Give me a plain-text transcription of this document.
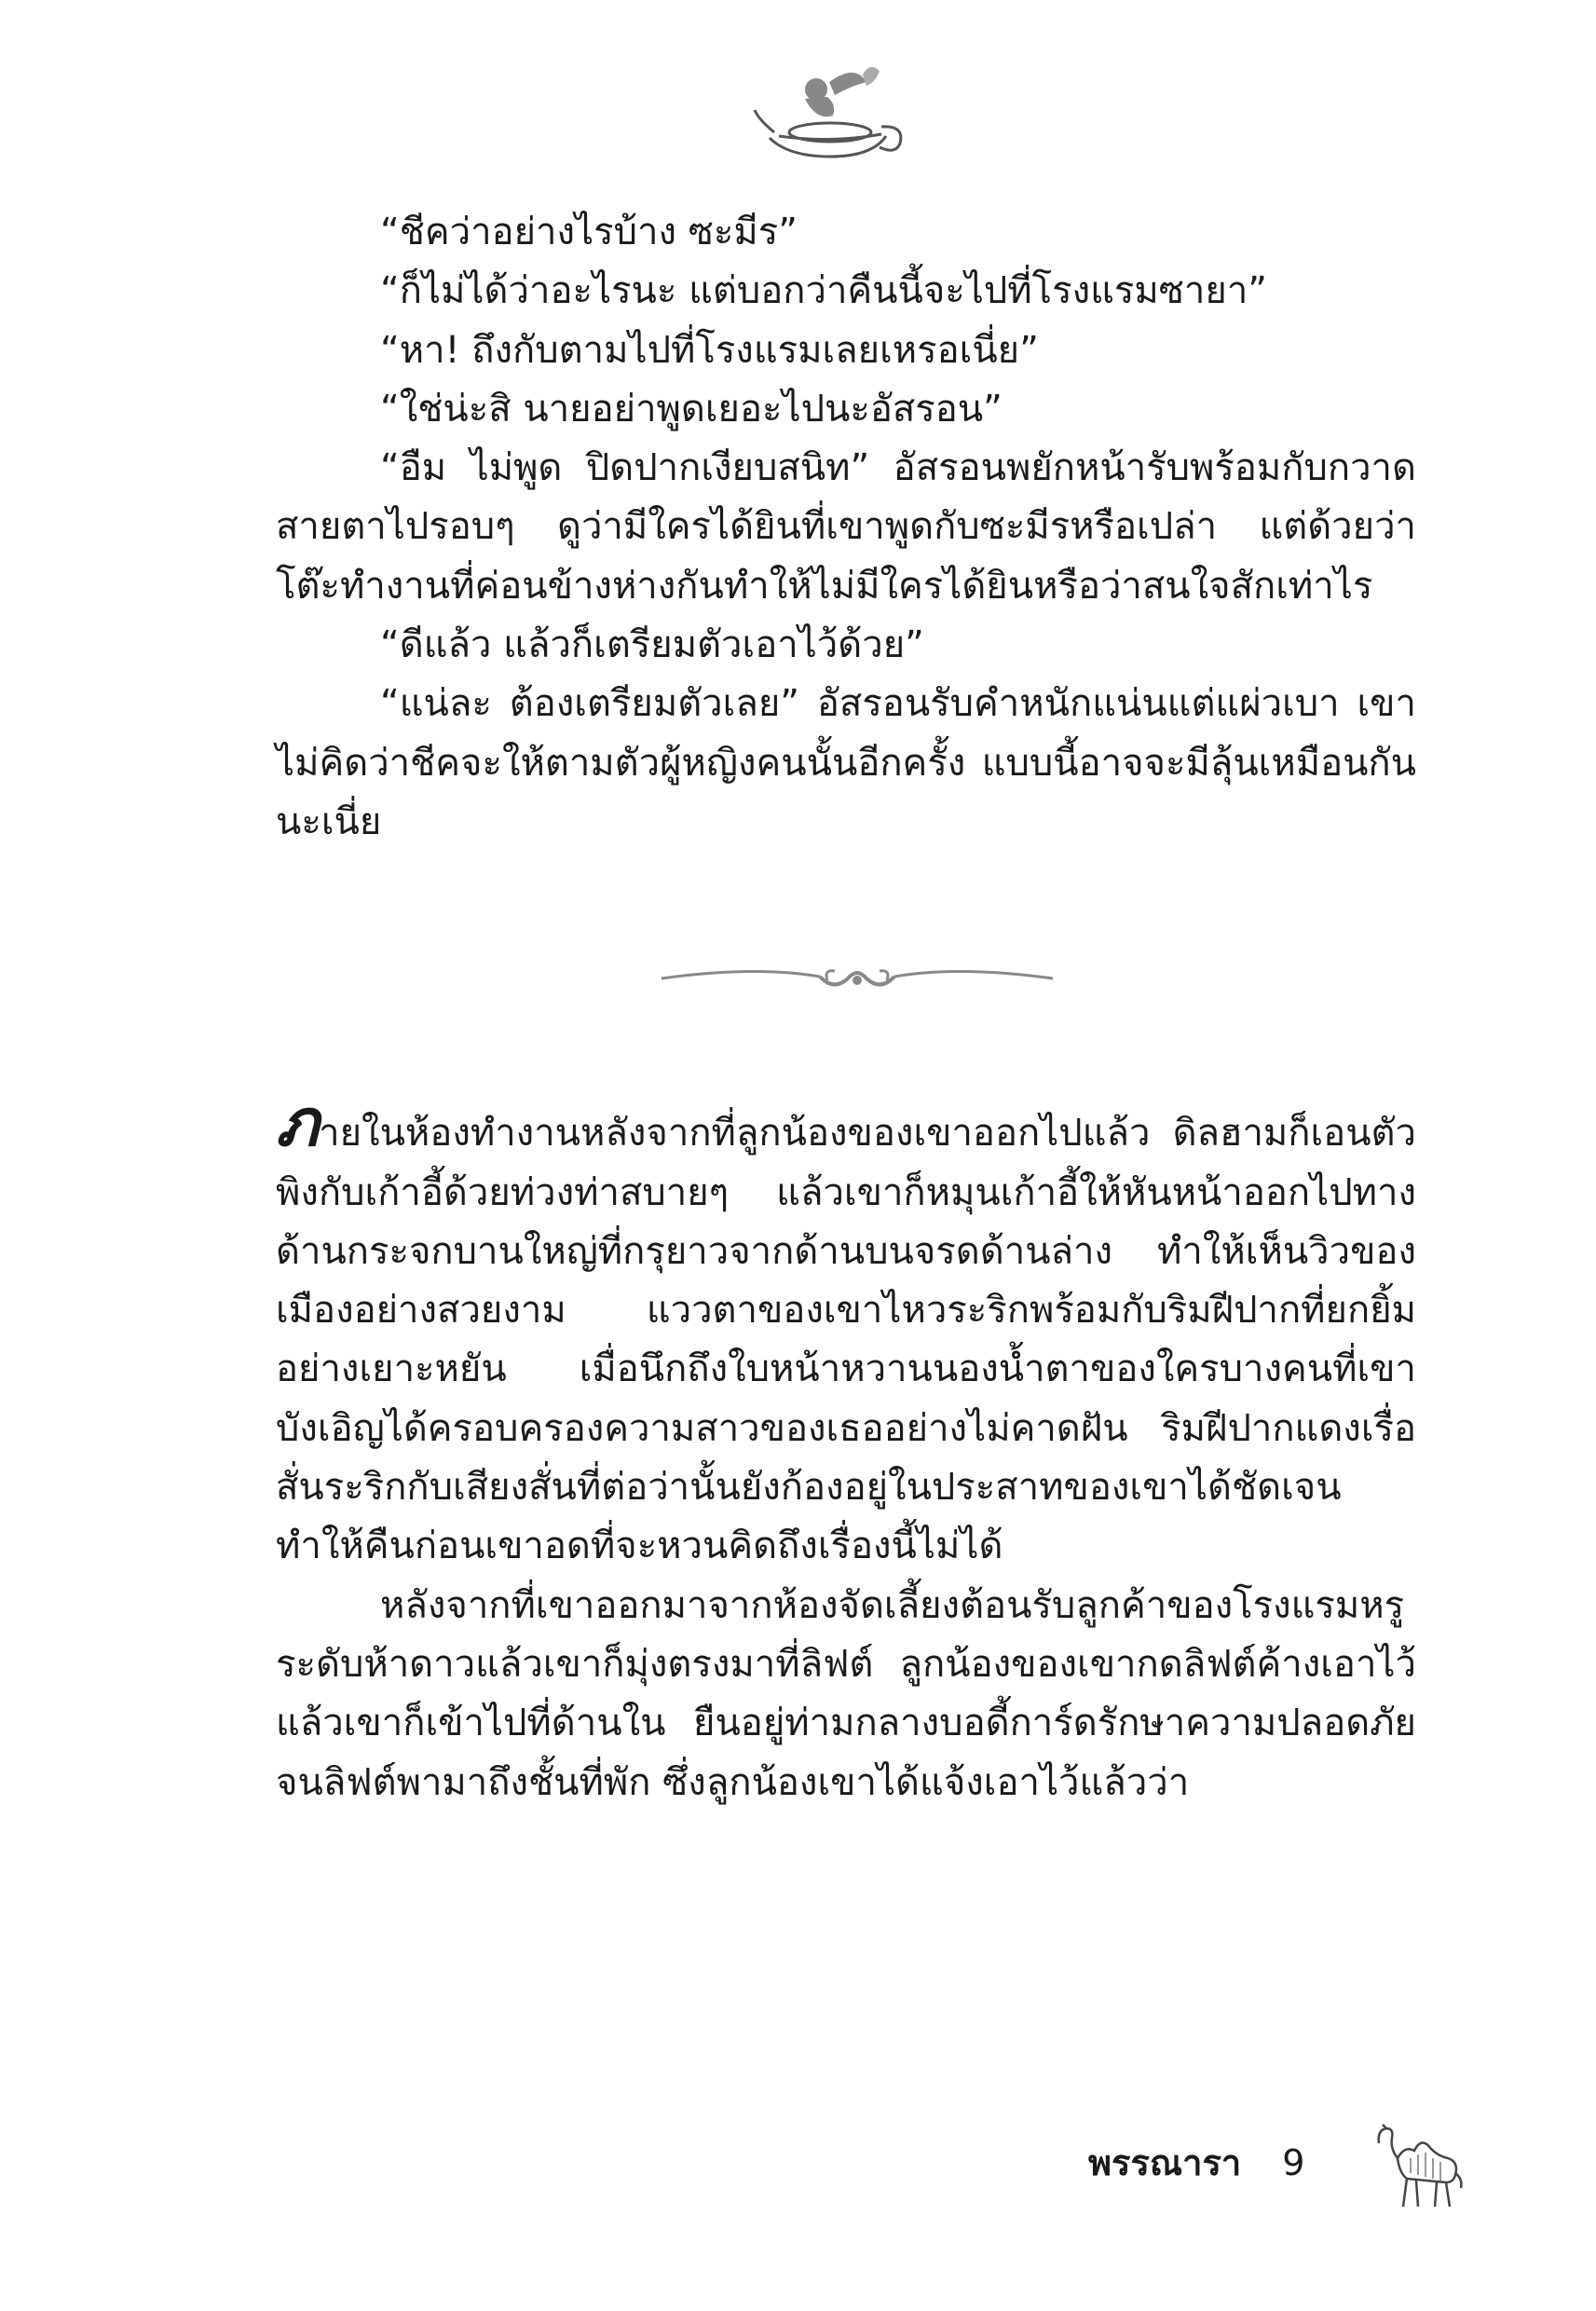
“ชีคว่าอย่างไรบ้าง ซะมีร”

“ก็ไม่ได้ว่าอะไรนะ แต่บอกว่าคืนนี้จะไปที่โรงแรมซายา”

“หา! ถึงกับตามไปที่โรงแรมเลยเหรอเนี่ย”

“ใช่น่ะสิ นายอย่าพูดเยอะไปนะอัสรอน”

“อืม ไม่พูด ปิดปากเงียบสนิท” อัสรอนพยักหน้ารับพร้อมกับกวาดสายตาไปรอบๆ ดูว่ามีใครได้ยินที่เขาพูดกับซะมีรหรือเปล่า แต่ด้วยว่าโต๊ะทำงานที่ค่อนข้างห่างกันทำให้ไม่มีใครได้ยินหรือว่าสนใจสักเท่าไร

“ดีแล้ว แล้วก็เตรียมตัวเอาไว้ด้วย”

“แน่ละ ต้องเตรียมตัวเลย” อัสรอนรับคำหนักแน่นแต่แผ่วเบา เขาไม่คิดว่าชีคจะให้ตามตัวผู้หญิงคนนั้นอีกครั้ง แบบนี้อาจจะมีลุ้นเหมือนกันนะเนี่ย

ภายในห้องทำงานหลังจากที่ลูกน้องของเขาออกไปแล้ว ดิลฮามก็เอนตัวพิงกับเก้าอี้ด้วยท่วงท่าสบายๆ แล้วเขาก็หมุนเก้าอี้ให้หันหน้าออกไปทางด้านกระจกบานใหญ่ที่กรุยาวจากด้านบนจรดด้านล่าง ทำให้เห็นวิวของเมืองอย่างสวยงาม แววตาของเขาไหวระริกพร้อมกับริมฝีปากที่ยกยิ้มอย่างเยาะหยัน เมื่อนึกถึงใบหน้าหวานนองน้ำตาของใครบางคนที่เขาบังเอิญได้ครอบครองความสาวของเธออย่างไม่คาดฝัน ริมฝีปากแดงเรื่อสั่นระริกกับเสียงสั่นที่ต่อว่านั้นยังก้องอยู่ในประสาทของเขาได้ชัดเจน ทำให้คืนก่อนเขาอดที่จะหวนคิดถึงเรื่องนี้ไม่ได้

หลังจากที่เขาออกมาจากห้องจัดเลี้ยงต้อนรับลูกค้าของโรงแรมหรูระดับห้าดาวแล้วเขาก็มุ่งตรงมาที่ลิฟต์ ลูกน้องของเขากดลิฟต์ค้างเอาไว้ แล้วเขาก็เข้าไปที่ด้านใน ยืนอยู่ท่ามกลางบอดี้การ์ดรักษาความปลอดภัย จนลิฟต์พามาถึงชั้นที่พัก ซึ่งลูกน้องเขาได้แจ้งเอาไว้แล้วว่า

พรรณารา 9
